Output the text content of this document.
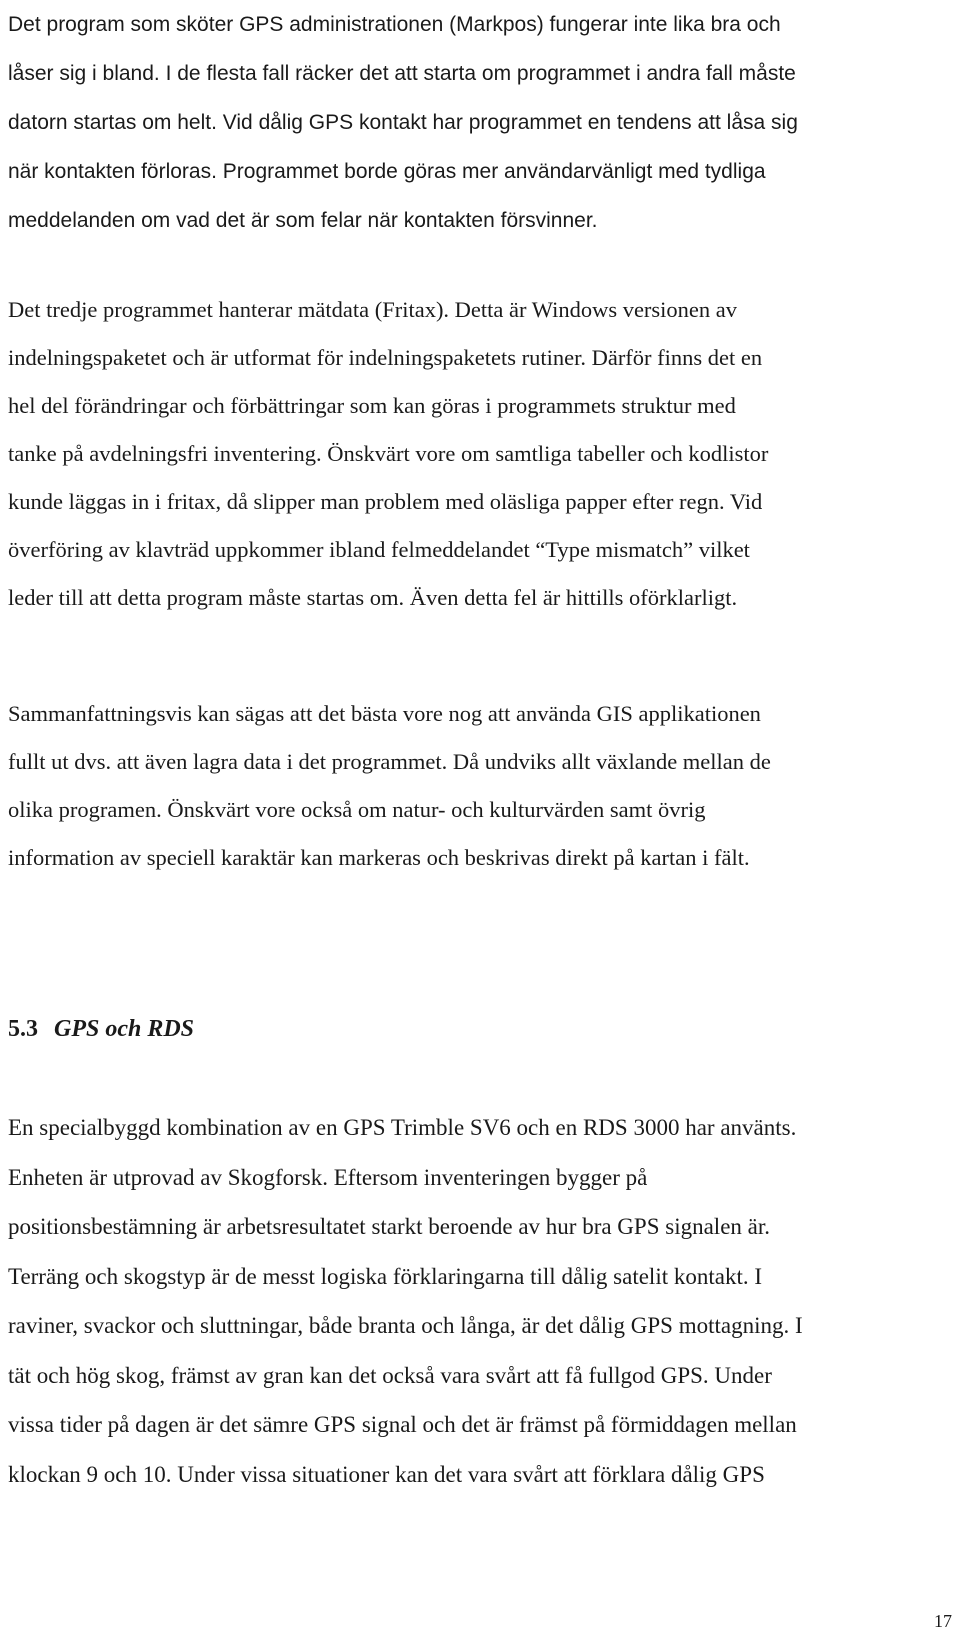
Det program som sköter GPS administrationen (Markpos) fungerar inte lika bra och
låser sig i bland. I de flesta fall räcker det att starta om programmet i andra fall måste
datorn startas om helt. Vid dålig GPS kontakt har programmet en tendens att låsa sig
när kontakten förloras. Programmet borde göras mer användarvänligt med tydliga
meddelanden om vad det är som felar när kontakten försvinner.

Det tredje programmet hanterar mätdata (Fritax). Detta är Windows versionen av
indelningspaketet och är utformat för indelningspaketets rutiner. Därför finns det en
hel del förändringar och förbättringar som kan göras i programmets struktur med
tanke på avdelningsfri inventering. Önskvärt vore om samtliga tabeller och kodlistor
kunde läggas in i fritax, då slipper man problem med oläsliga papper efter regn. Vid
överföring av klavträd uppkommer ibland felmeddelandet “Type mismatch” vilket
leder till att detta program måste startas om. Även detta fel är hittills oförklarligt.

Sammanfattningsvis kan sägas att det bästa vore nog att använda GIS applikationen
fullt ut dvs. att även lagra data i det programmet. Då undviks allt växlande mellan de
olika programen. Önskvärt vore också om natur- och kulturvärden samt övrig
information av speciell karaktär kan markeras och beskrivas direkt på kartan i fält.

5.3 GPS och RDS

En specialbyggd kombination av en GPS Trimble SV6 och en RDS 3000 har använts.
Enheten är utprovad av Skogforsk. Eftersom inventeringen bygger på
positionsbestämning är arbetsresultatet starkt beroende av hur bra GPS signalen är.
Terräng och skogstyp är de messt logiska förklaringarna till dålig satelit kontakt. I
raviner, svackor och sluttningar, både branta och långa, är det dålig GPS mottagning. I
tät och hög skog, främst av gran kan det också vara svårt att få fullgod GPS. Under
vissa tider på dagen är det sämre GPS signal och det är främst på förmiddagen mellan
klockan 9 och 10. Under vissa situationer kan det vara svårt att förklara dålig GPS

17
